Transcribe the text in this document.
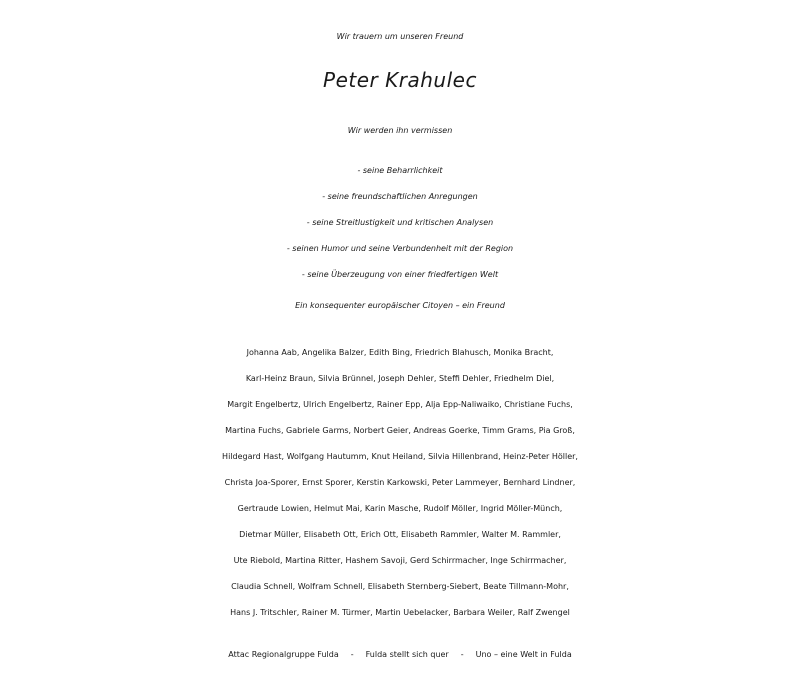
Wir trauern um unseren Freund
Peter Krahulec
Wir werden ihn vermissen
- seine Beharrlichkeit
- seine freundschaftlichen Anregungen
- seine Streitlustigkeit und kritischen Analysen
- seinen Humor und seine Verbundenheit mit der Region
- seine Überzeugung von einer friedfertigen Welt
Ein konsequenter europäischer Citoyen – ein Freund
Johanna Aab, Angelika Balzer, Edith Bing, Friedrich Blahusch, Monika Bracht,
Karl-Heinz Braun, Silvia Brünnel, Joseph Dehler, Steffi Dehler, Friedhelm Diel,
Margit Engelbertz, Ulrich Engelbertz, Rainer Epp, Alja Epp-Naliwaiko, Christiane Fuchs,
Martina Fuchs, Gabriele Garms, Norbert Geier, Andreas Goerke, Timm Grams, Pia Groß,
Hildegard Hast, Wolfgang Hautumm, Knut Heiland, Silvia Hillenbrand, Heinz-Peter Höller,
Christa Joa-Sporer, Ernst Sporer, Kerstin Karkowski, Peter Lammeyer, Bernhard Lindner,
Gertraude Lowien, Helmut Mai, Karin Masche, Rudolf Möller, Ingrid Möller-Münch,
Dietmar Müller, Elisabeth Ott, Erich Ott, Elisabeth Rammler, Walter M. Rammler,
Ute Riebold, Martina Ritter, Hashem Savoji, Gerd Schirrmacher, Inge Schirrmacher,
Claudia Schnell, Wolfram Schnell, Elisabeth Sternberg-Siebert, Beate Tillmann-Mohr,
Hans J. Tritschler, Rainer M. Türmer, Martin Uebelacker, Barbara Weiler, Ralf Zwengel
Attac Regionalgruppe Fulda - Fulda stellt sich quer - Uno – eine Welt in Fulda
